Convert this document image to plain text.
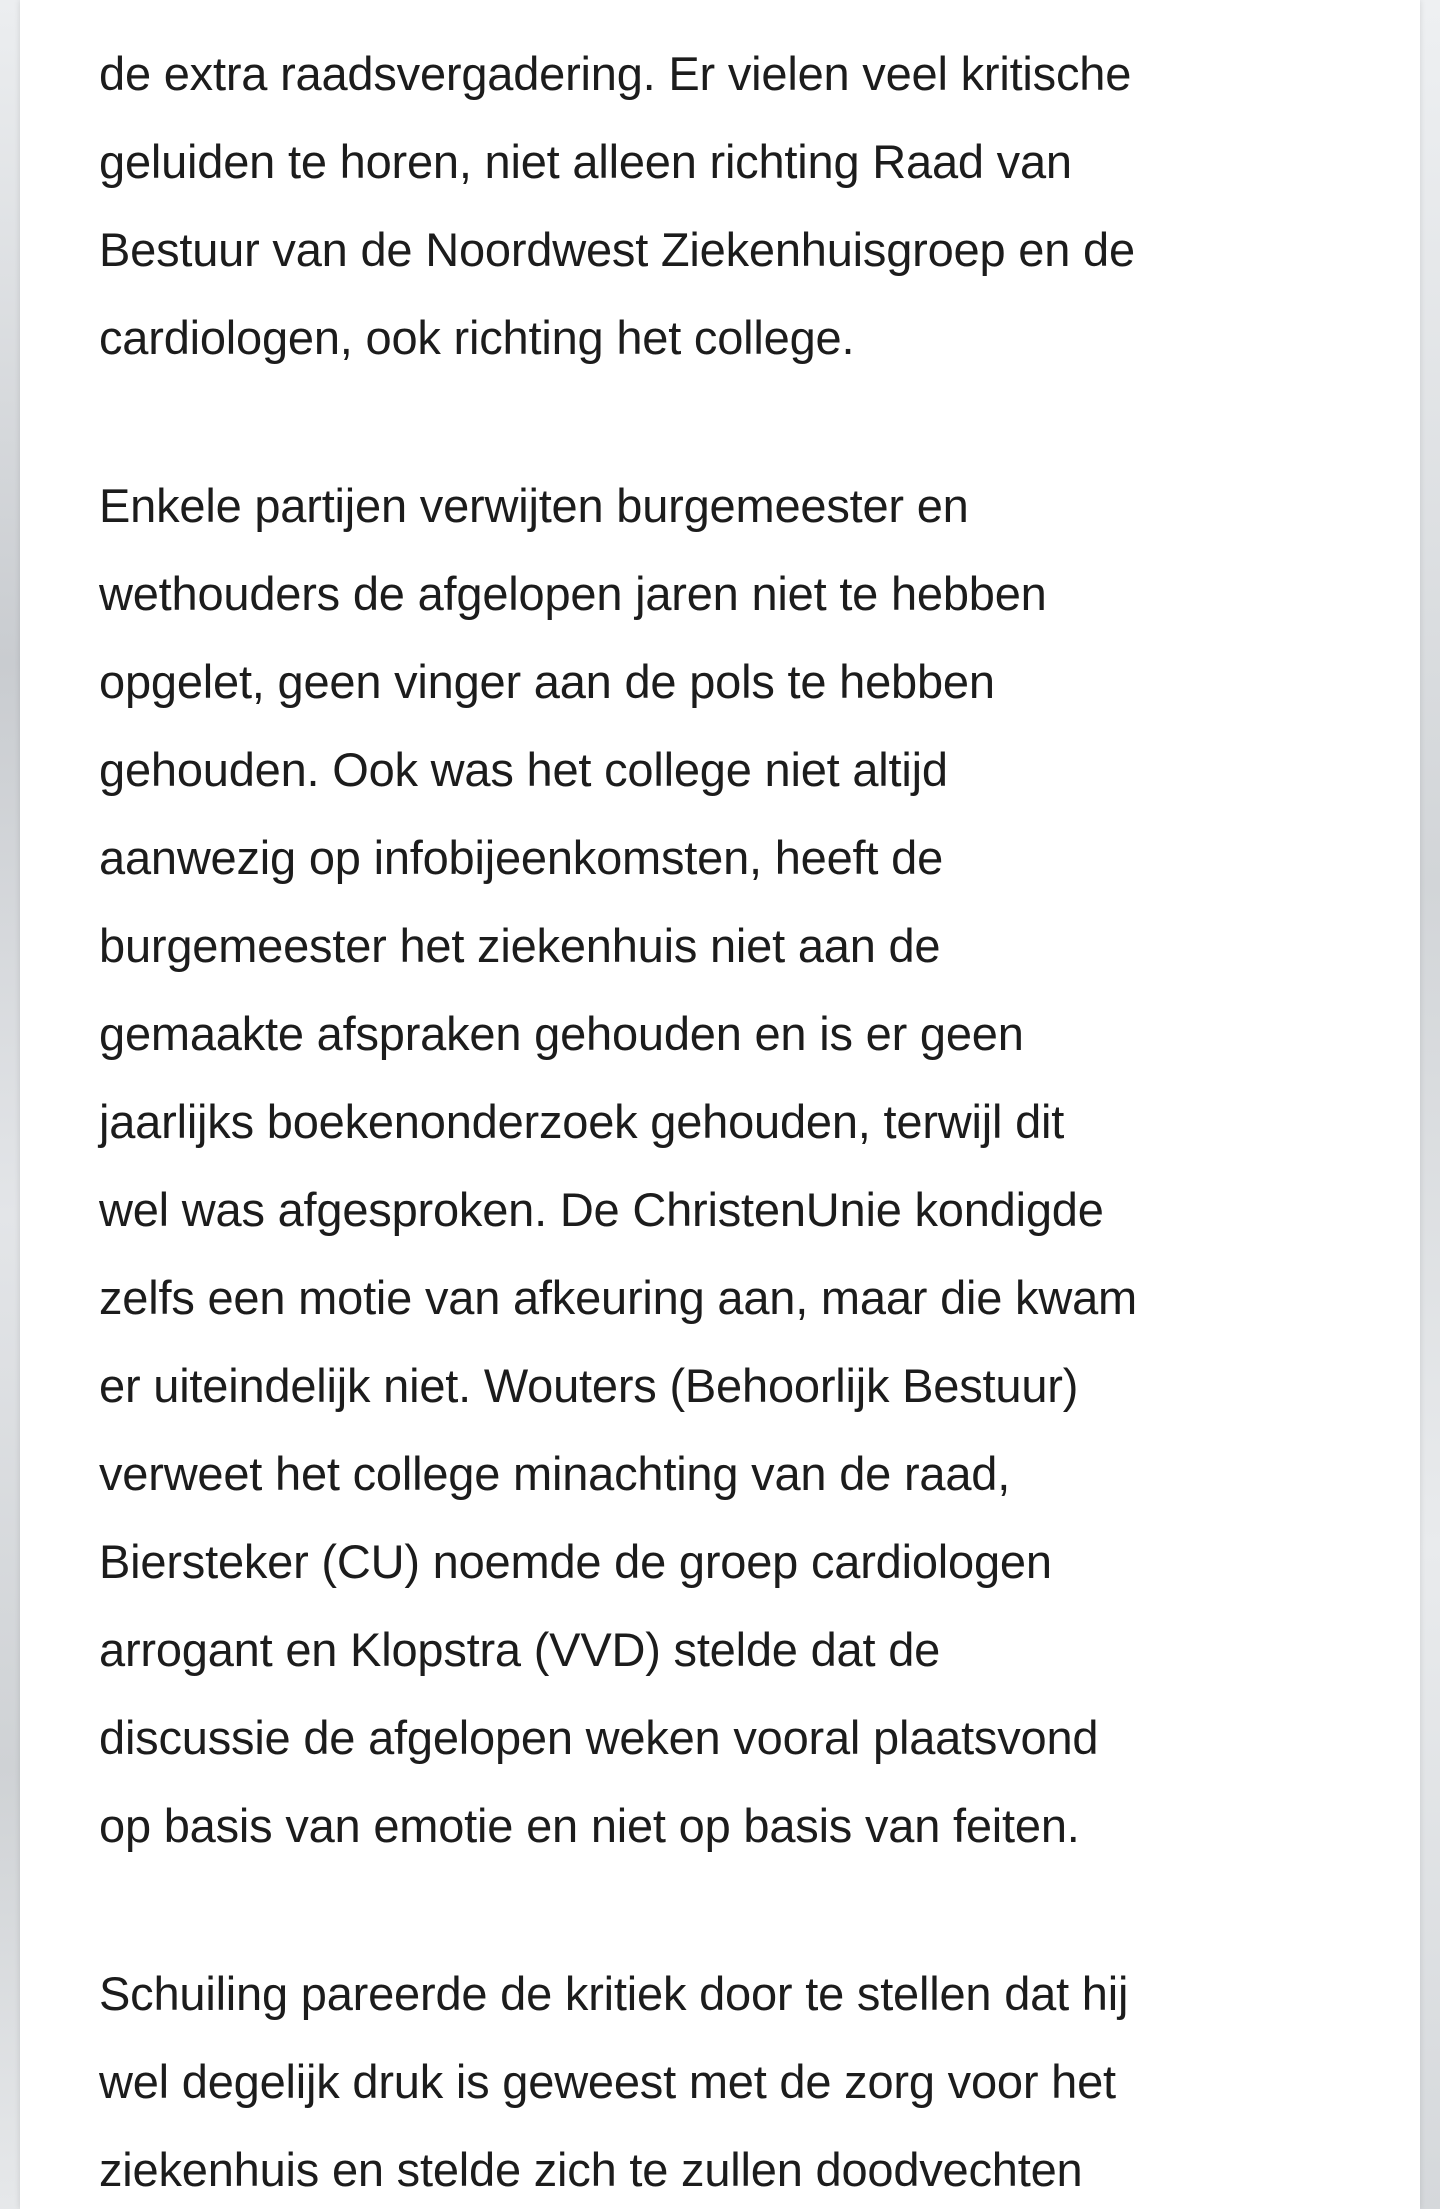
de extra raadsvergadering. Er vielen veel kritische
geluiden te horen, niet alleen richting Raad van
Bestuur van de Noordwest Ziekenhuisgroep en de
cardiologen, ook richting het college.

Enkele partijen verwijten burgemeester en
wethouders de afgelopen jaren niet te hebben
opgelet, geen vinger aan de pols te hebben
gehouden. Ook was het college niet altijd
aanwezig op infobijeenkomsten, heeft de
burgemeester het ziekenhuis niet aan de
gemaakte afspraken gehouden en is er geen
jaarlijks boekenonderzoek gehouden, terwijl dit
wel was afgesproken. De ChristenUnie kondigde
zelfs een motie van afkeuring aan, maar die kwam
er uiteindelijk niet. Wouters (Behoorlijk Bestuur)
verweet het college minachting van de raad,
Biersteker (CU) noemde de groep cardiologen
arrogant en Klopstra (VVD) stelde dat de
discussie de afgelopen weken vooral plaatsvond
op basis van emotie en niet op basis van feiten.

Schuiling pareerde de kritiek door te stellen dat hij
wel degelijk druk is geweest met de zorg voor het
ziekenhuis en stelde zich te zullen doodvechten
